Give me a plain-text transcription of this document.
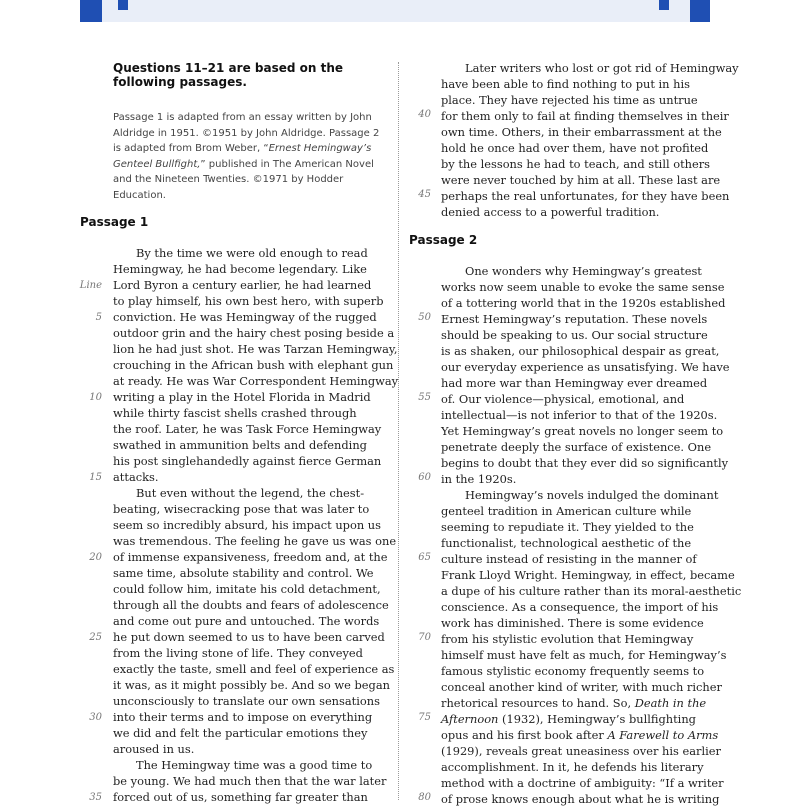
Questions 11–21 are based on the following passages.
Passage 1 is adapted from an essay written by John Aldridge in 1951. ©1951 by John Aldridge. Passage 2 is adapted from Brom Weber, “Ernest Hemingway’s Genteel Bullfight,” published in The American Novel and the Nineteen Twenties. ©1971 by Hodder Education.
Passage 1
By the time we were old enough to read
Hemingway, he had become legendary. Like
Lord Byron a century earlier, he had learned
to play himself, his own best hero, with superb
conviction. He was Hemingway of the rugged
outdoor grin and the hairy chest posing beside a
lion he had just shot. He was Tarzan Hemingway,
crouching in the African bush with elephant gun
at ready. He was War Correspondent Hemingway
writing a play in the Hotel Florida in Madrid
while thirty fascist shells crashed through
the roof. Later, he was Task Force Hemingway
swathed in ammunition belts and defending
his post singlehandedly against fierce German
attacks.
But even without the legend, the chest-
beating, wisecracking pose that was later to
seem so incredibly absurd, his impact upon us
was tremendous. The feeling he gave us was one
of immense expansiveness, freedom and, at the
same time, absolute stability and control. We
could follow him, imitate his cold detachment,
through all the doubts and fears of adolescence
and come out pure and untouched. The words
he put down seemed to us to have been carved
from the living stone of life. They conveyed
exactly the taste, smell and feel of experience as
it was, as it might possibly be. And so we began
unconsciously to translate our own sensations
into their terms and to impose on everything
we did and felt the particular emotions they
aroused in us.
The Hemingway time was a good time to
be young. We had much then that the war later
forced out of us, something far greater than
Line
5
10
15
20
25
30
35
Later writers who lost or got rid of Hemingway
have been able to find nothing to put in his
place. They have rejected his time as untrue
for them only to fail at finding themselves in their
own time. Others, in their embarrassment at the
hold he once had over them, have not profited
by the lessons he had to teach, and still others
were never touched by him at all. These last are
perhaps the real unfortunates, for they have been
denied access to a powerful tradition.
40
45
Passage 2
One wonders why Hemingway’s greatest
works now seem unable to evoke the same sense
of a tottering world that in the 1920s established
Ernest Hemingway’s reputation. These novels
should be speaking to us. Our social structure
is as shaken, our philosophical despair as great,
our everyday experience as unsatisfying. We have
had more war than Hemingway ever dreamed
of. Our violence—physical, emotional, and
intellectual—is not inferior to that of the 1920s.
Yet Hemingway’s great novels no longer seem to
penetrate deeply the surface of existence. One
begins to doubt that they ever did so significantly
in the 1920s.
Hemingway’s novels indulged the dominant
genteel tradition in American culture while
seeming to repudiate it. They yielded to the
functionalist, technological aesthetic of the
culture instead of resisting in the manner of
Frank Lloyd Wright. Hemingway, in effect, became
a dupe of his culture rather than its moral-aesthetic
conscience. As a consequence, the import of his
work has diminished. There is some evidence
from his stylistic evolution that Hemingway
himself must have felt as much, for Hemingway’s
famous stylistic economy frequently seems to
conceal another kind of writer, with much richer
rhetorical resources to hand. So, Death in the
Afternoon (1932), Hemingway’s bullfighting
opus and his first book after A Farewell to Arms
(1929), reveals great uneasiness over his earlier
accomplishment. In it, he defends his literary
method with a doctrine of ambiguity: “If a writer
of prose knows enough about what he is writing
50
55
60
65
70
75
80
